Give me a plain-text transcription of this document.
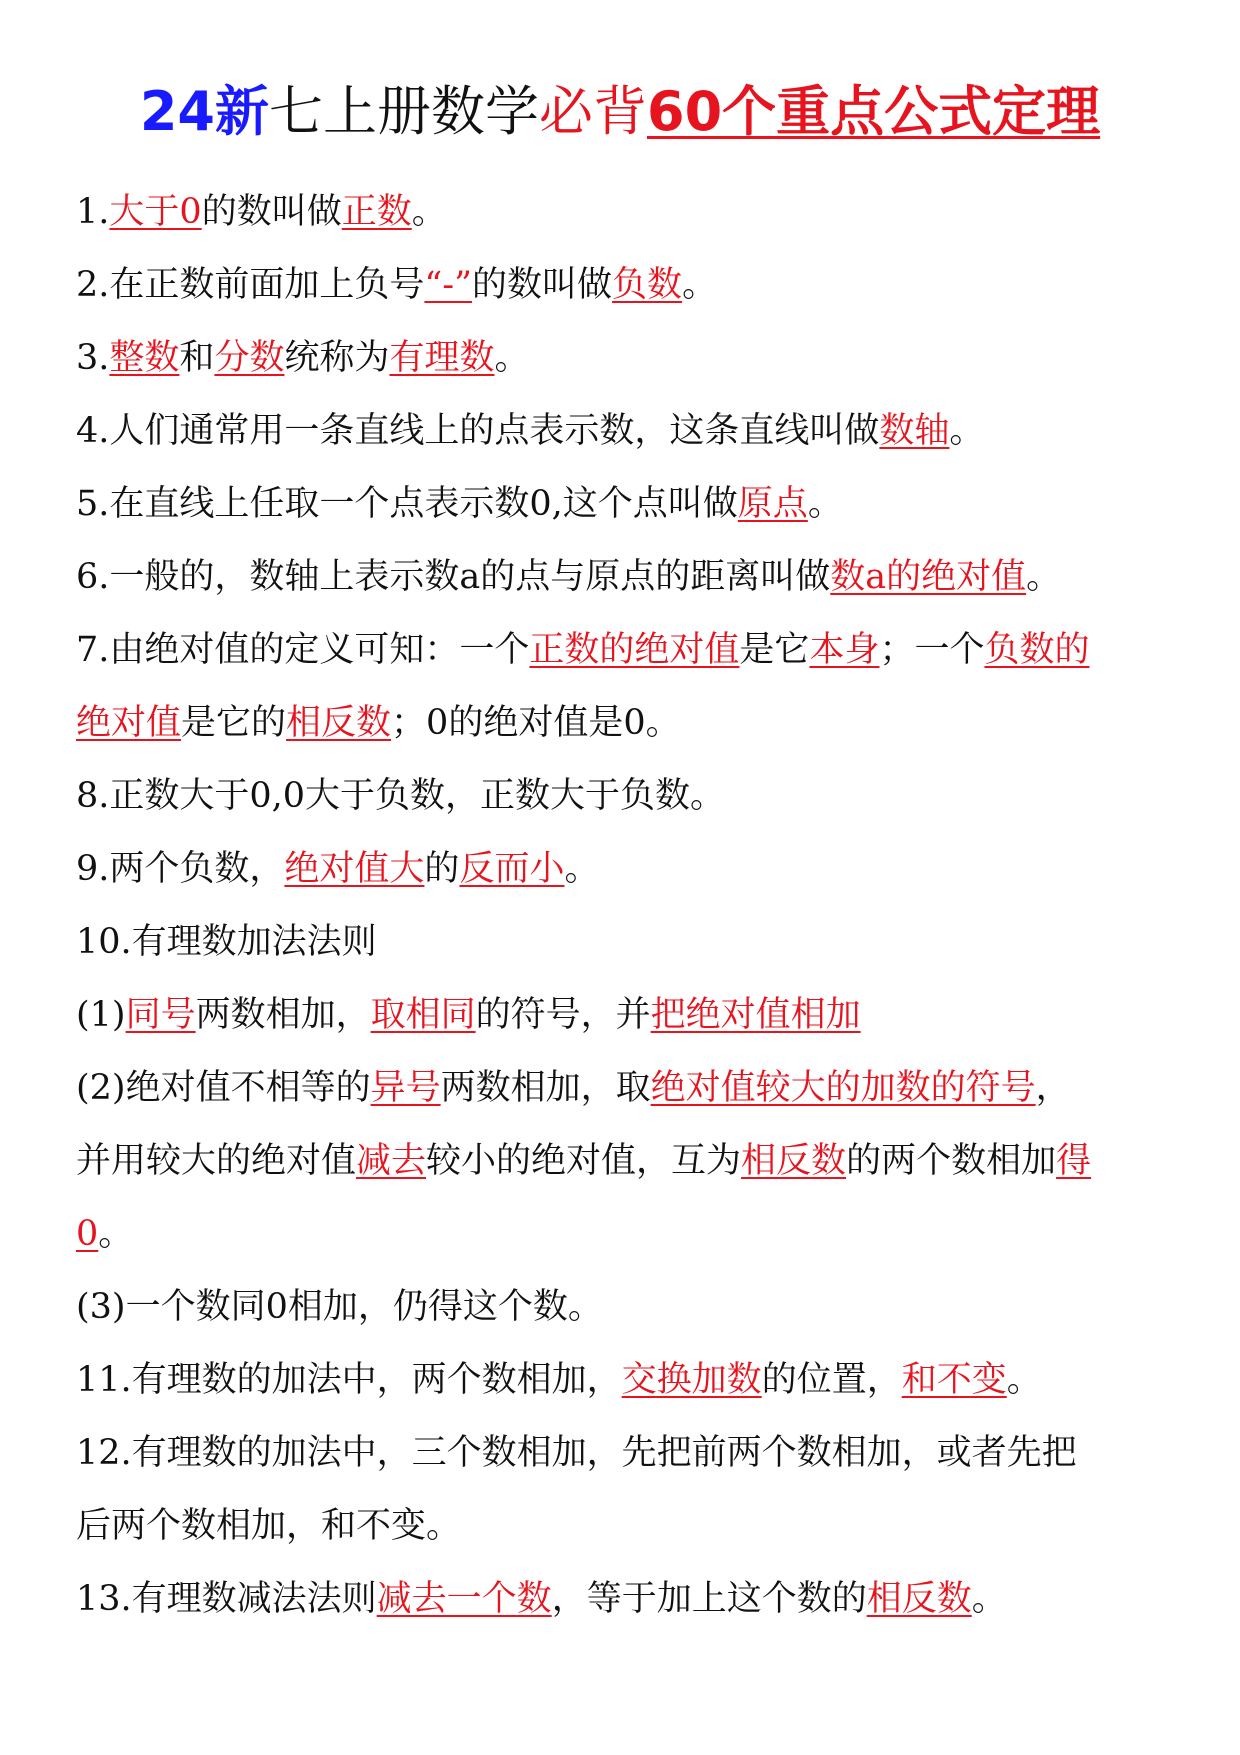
24新七上册数学必背60个重点公式定理
1.大于0的数叫做正数。
2.在正数前面加上负号“-”的数叫做负数。
3.整数和分数统称为有理数。
4.人们通常用一条直线上的点表示数，这条直线叫做数轴。
5.在直线上任取一个点表示数0,这个点叫做原点。
6.一般的，数轴上表示数a的点与原点的距离叫做数a的绝对值。
7.由绝对值的定义可知：一个正数的绝对值是它本身；一个负数的
绝对值是它的相反数；0的绝对值是0。
8.正数大于0,0大于负数，正数大于负数。
9.两个负数，绝对值大的反而小。
10.有理数加法法则
(1)同号两数相加，取相同的符号，并把绝对值相加
(2)绝对值不相等的异号两数相加，取绝对值较大的加数的符号，
并用较大的绝对值减去较小的绝对值，互为相反数的两个数相加得
0。
(3)一个数同0相加，仍得这个数。
11.有理数的加法中，两个数相加，交换加数的位置，和不变。
12.有理数的加法中，三个数相加，先把前两个数相加，或者先把
后两个数相加，和不变。
13.有理数减法法则减去一个数，等于加上这个数的相反数。
